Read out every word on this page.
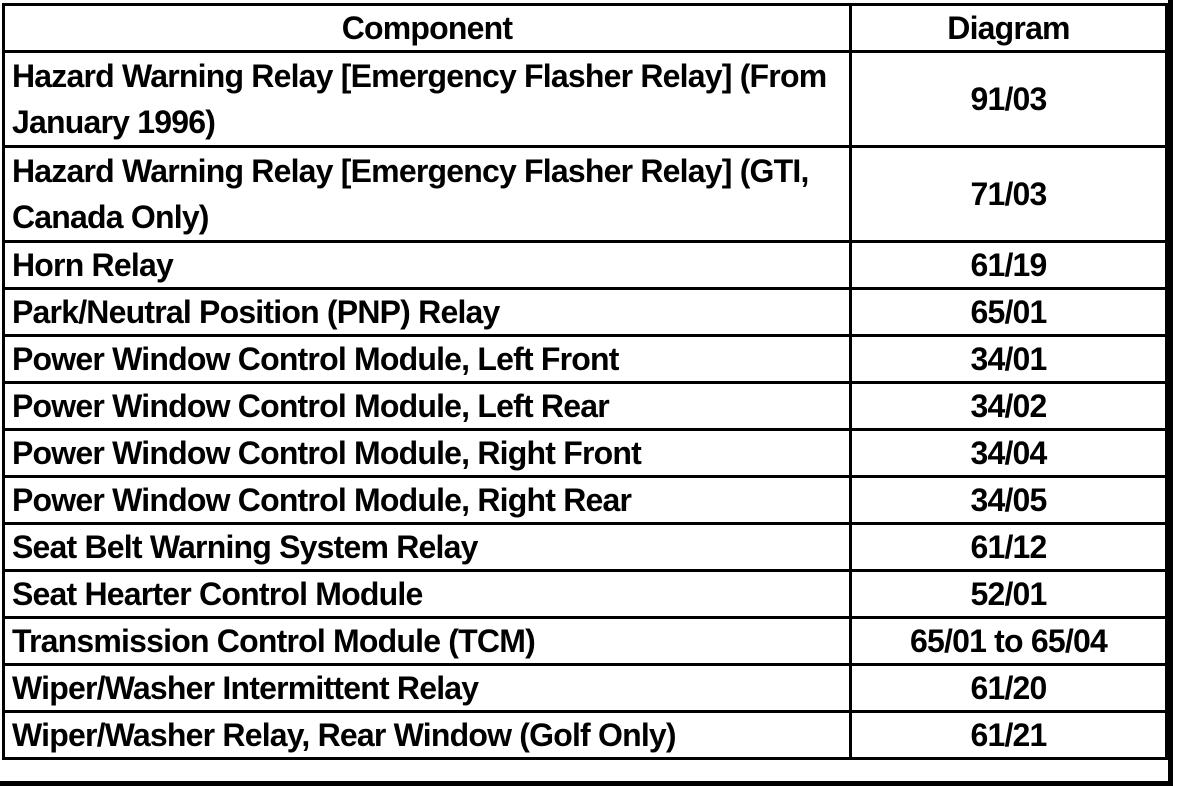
Component	Diagram
Hazard Warning Relay [Emergency Flasher Relay] (From January 1996)	91/03
Hazard Warning Relay [Emergency Flasher Relay] (GTI, Canada Only)	71/03
Horn Relay	61/19
Park/Neutral Position (PNP) Relay	65/01
Power Window Control Module, Left Front	34/01
Power Window Control Module, Left Rear	34/02
Power Window Control Module, Right Front	34/04
Power Window Control Module, Right Rear	34/05
Seat Belt Warning System Relay	61/12
Seat Hearter Control Module	52/01
Transmission Control Module (TCM)	65/01 to 65/04
Wiper/Washer Intermittent Relay	61/20
Wiper/Washer Relay, Rear Window (Golf Only)	61/21
